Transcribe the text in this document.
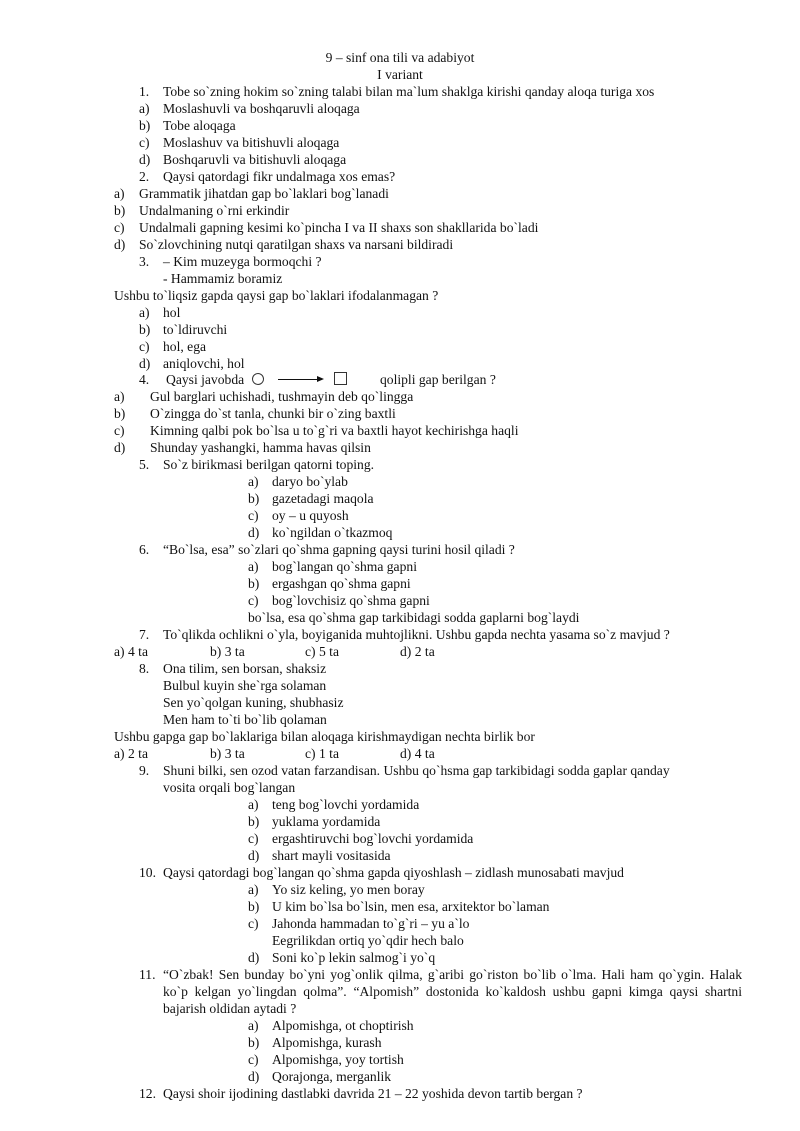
9 – sinf ona tili va adabiyot
I variant
1. Tobe so`zning hokim so`zning talabi bilan ma`lum shaklga kirishi qanday aloqa turiga xos
a) Moslashuvli va boshqaruvli aloqaga
b) Tobe aloqaga
c) Moslashuv va bitishuvli aloqaga
d) Boshqaruvli va bitishuvli aloqaga
2. Qaysi qatordagi fikr undalmaga xos emas?
a) Grammatik jihatdan gap bo`laklari bog`lanadi
b) Undalmaning o`rni erkindir
c) Undalmali gapning kesimi ko`pincha I va II shaxs son shakllarida bo`ladi
d) So`zlovchining nutqi qaratilgan shaxs va narsani bildiradi
3. – Kim muzeyga bormoqchi ?
- Hammamiz boramiz
Ushbu to`liqsiz gapda qaysi gap bo`laklari ifodalanmagan ?
a) hol
b) to`ldiruvchi
c) hol, ega
d) aniqlovchi, hol
4. Qaysi javobda	qolipli gap berilgan ?
a) Gul barglari uchishadi, tushmayin deb qo`lingga
b) O`zingga do`st tanla, chunki bir o`zing baxtli
c) Kimning qalbi pok bo`lsa u to`g`ri va baxtli hayot kechirishga haqli
d) Shunday yashangki, hamma havas qilsin
5. So`z birikmasi berilgan qatorni toping.
a) daryo bo`ylab
b) gazetadagi maqola
c) oy – u quyosh
d) ko`ngildan o`tkazmoq
6. “Bo`lsa, esa” so`zlari qo`shma gapning qaysi turini hosil qiladi ?
a) bog`langan qo`shma gapni
b) ergashgan qo`shma gapni
c) bog`lovchisiz qo`shma gapni
bo`lsa, esa qo`shma gap tarkibidagi sodda gaplarni bog`laydi
7. To`qlikda ochlikni o`yla, boyiganida muhtojlikni. Ushbu gapda nechta yasama so`z mavjud ?
a) 4 ta	b) 3 ta	c) 5 ta	d) 2 ta
8. Ona tilim, sen borsan, shaksiz
Bulbul kuyin she`rga solaman
Sen yo`qolgan kuning, shubhasiz
Men ham to`ti bo`lib qolaman
Ushbu gapga gap bo`laklariga bilan aloqaga kirishmaydigan nechta birlik bor
a) 2 ta	b) 3 ta	c) 1 ta	d) 4 ta
9. Shuni bilki, sen ozod vatan farzandisan. Ushbu qo`hsma gap tarkibidagi sodda gaplar qanday
vosita orqali bog`langan
a) teng bog`lovchi yordamida
b) yuklama yordamida
c) ergashtiruvchi bog`lovchi yordamida
d) shart mayli vositasida
10. Qaysi qatordagi bog`langan qo`shma gapda qiyoshlash – zidlash munosabati mavjud
a) Yo siz keling, yo men boray
b) U kim bo`lsa bo`lsin, men esa, arxitektor bo`laman
c) Jahonda hammadan to`g`ri – yu a`lo
Eegrilikdan ortiq yo`qdir hech balo
d) Soni ko`p lekin salmog`i yo`q
11. “O`zbak! Sen bunday bo`yni yog`onlik qilma, g`aribi go`riston bo`lib o`lma. Hali ham qo`ygin. Halak ko`p kelgan yo`lingdan qolma”. “Alpomish” dostonida ko`kaldosh ushbu gapni kimga qaysi shartni bajarish oldidan aytadi ?
a) Alpomishga, ot choptirish
b) Alpomishga, kurash
c) Alpomishga, yoy tortish
d) Qorajonga, merganlik
12. Qaysi shoir ijodining dastlabki davrida 21 – 22 yoshida devon tartib bergan ?
